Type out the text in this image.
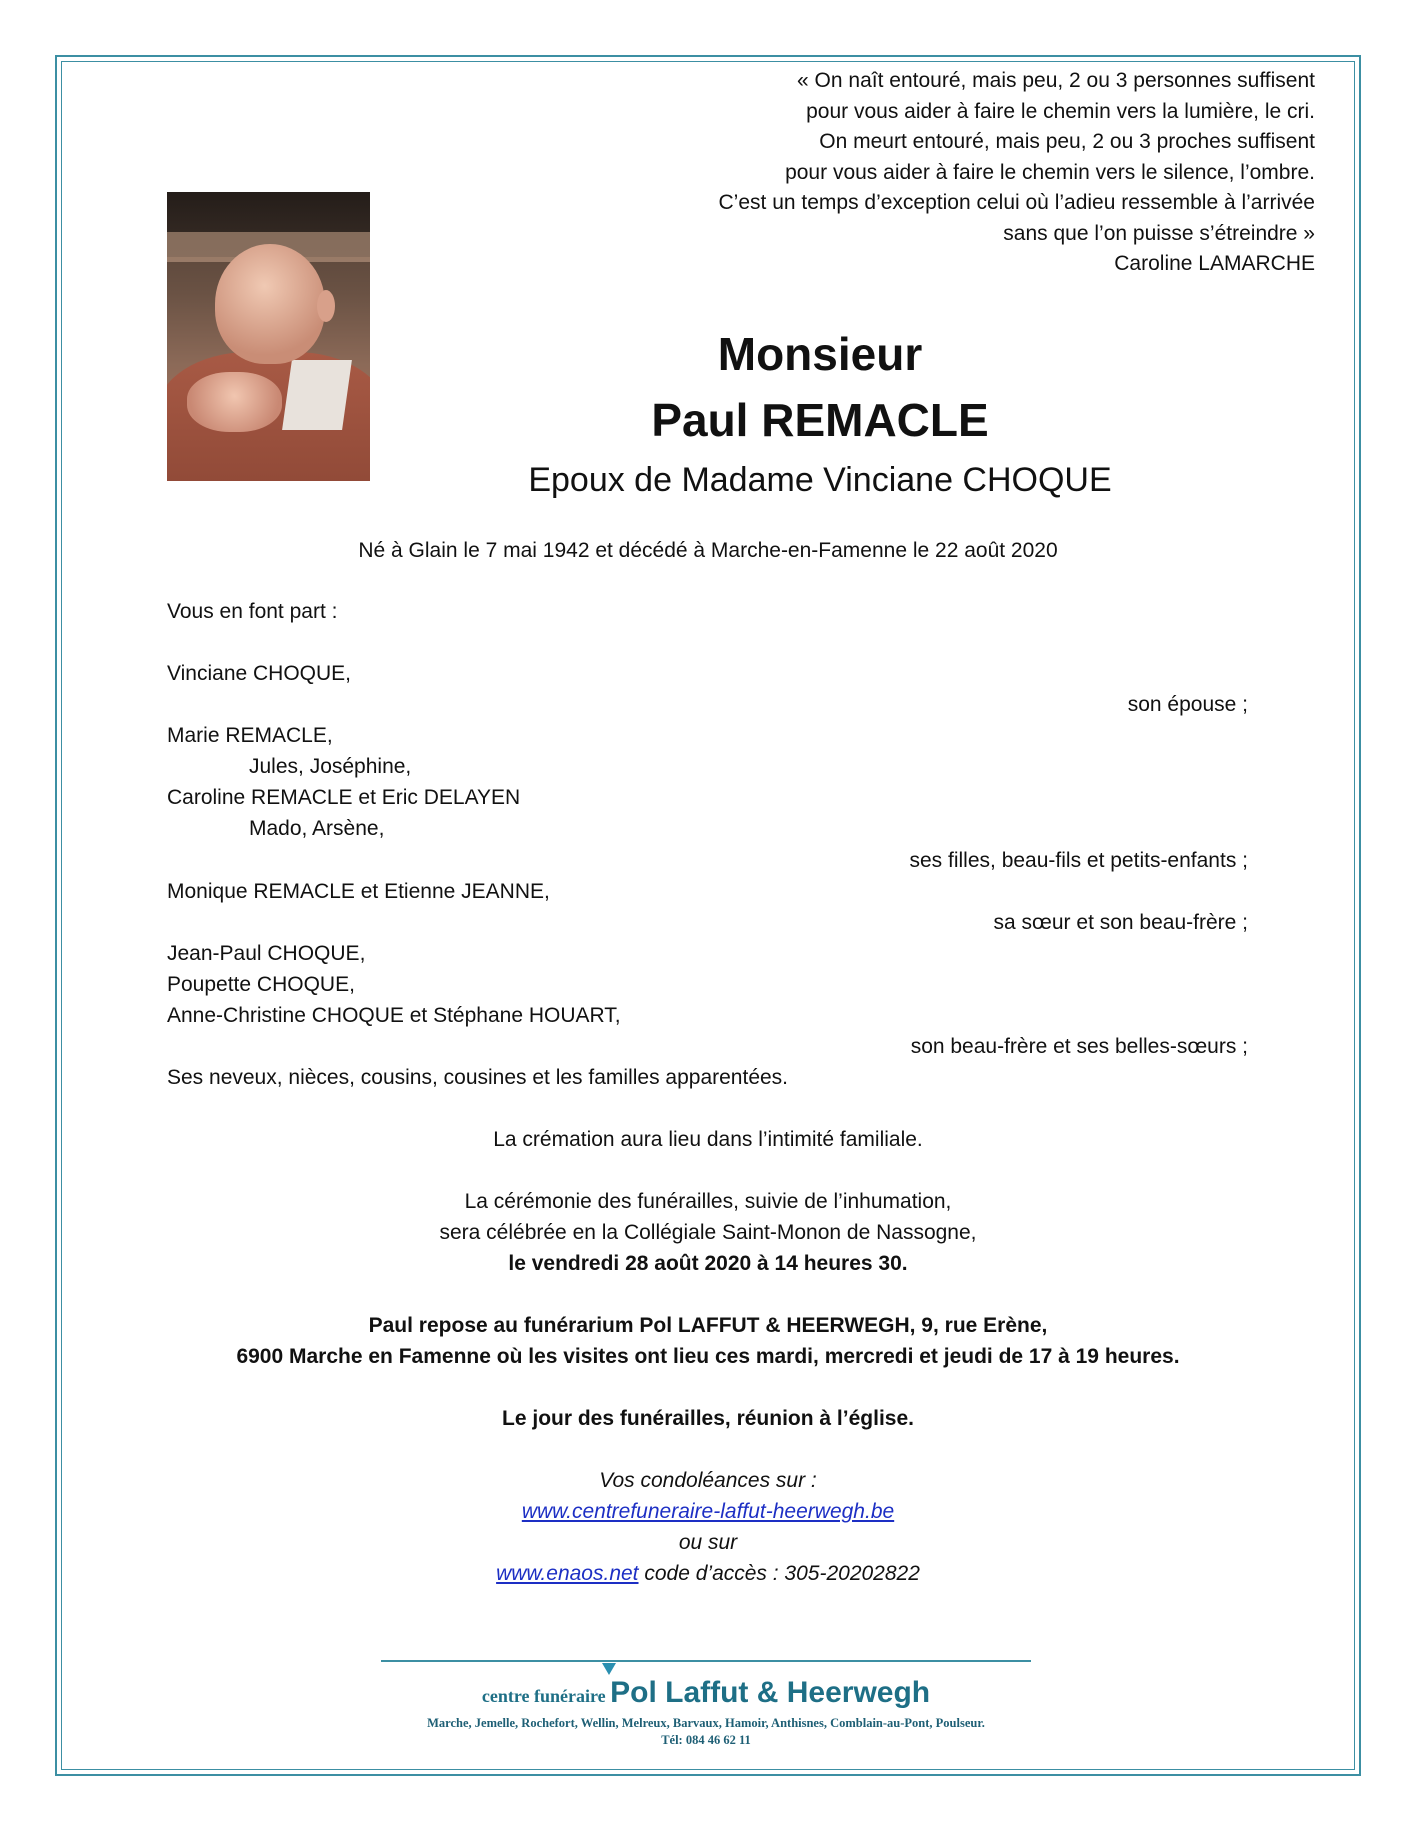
« On naît entouré, mais peu, 2 ou 3 personnes suffisent
pour vous aider à faire le chemin vers la lumière, le cri.
On meurt entouré, mais peu, 2 ou 3 proches suffisent
pour vous aider à faire le chemin vers le silence, l’ombre.
C’est un temps d’exception celui où l’adieu ressemble à l’arrivée
sans que l’on puisse s’étreindre »
Caroline LAMARCHE
Monsieur
Paul REMACLE
Epoux de Madame Vinciane CHOQUE
Né à Glain le 7 mai 1942 et décédé à Marche-en-Famenne le 22 août 2020
Vous en font part :
Vinciane CHOQUE,
son épouse ;
Marie REMACLE,
Jules, Joséphine,
Caroline REMACLE et Eric DELAYEN
Mado, Arsène,
ses filles, beau-fils et petits-enfants ;
Monique REMACLE et Etienne JEANNE,
sa sœur et son beau-frère ;
Jean-Paul CHOQUE,
Poupette CHOQUE,
Anne-Christine CHOQUE et Stéphane HOUART,
son beau-frère et ses belles-sœurs ;
Ses neveux, nièces, cousins, cousines et les familles apparentées.
La crémation aura lieu dans l’intimité familiale.
La cérémonie des funérailles, suivie de l’inhumation,
sera célébrée en la Collégiale Saint-Monon de Nassogne,
le vendredi 28 août 2020 à 14 heures 30.
Paul repose au funérarium Pol LAFFUT & HEERWEGH, 9, rue Erène,
6900 Marche en Famenne où les visites ont lieu ces mardi, mercredi et jeudi de 17 à 19 heures.
Le jour des funérailles, réunion à l’église.
Vos condoléances sur :
www.centrefuneraire-laffut-heerwegh.be
ou sur
www.enaos.net code d’accès : 305-20202822
centre funéraire Pol Laffut & Heerwegh
Marche, Jemelle, Rochefort, Wellin, Melreux, Barvaux, Hamoir, Anthisnes, Comblain-au-Pont, Poulseur.
Tél: 084 46 62 11
